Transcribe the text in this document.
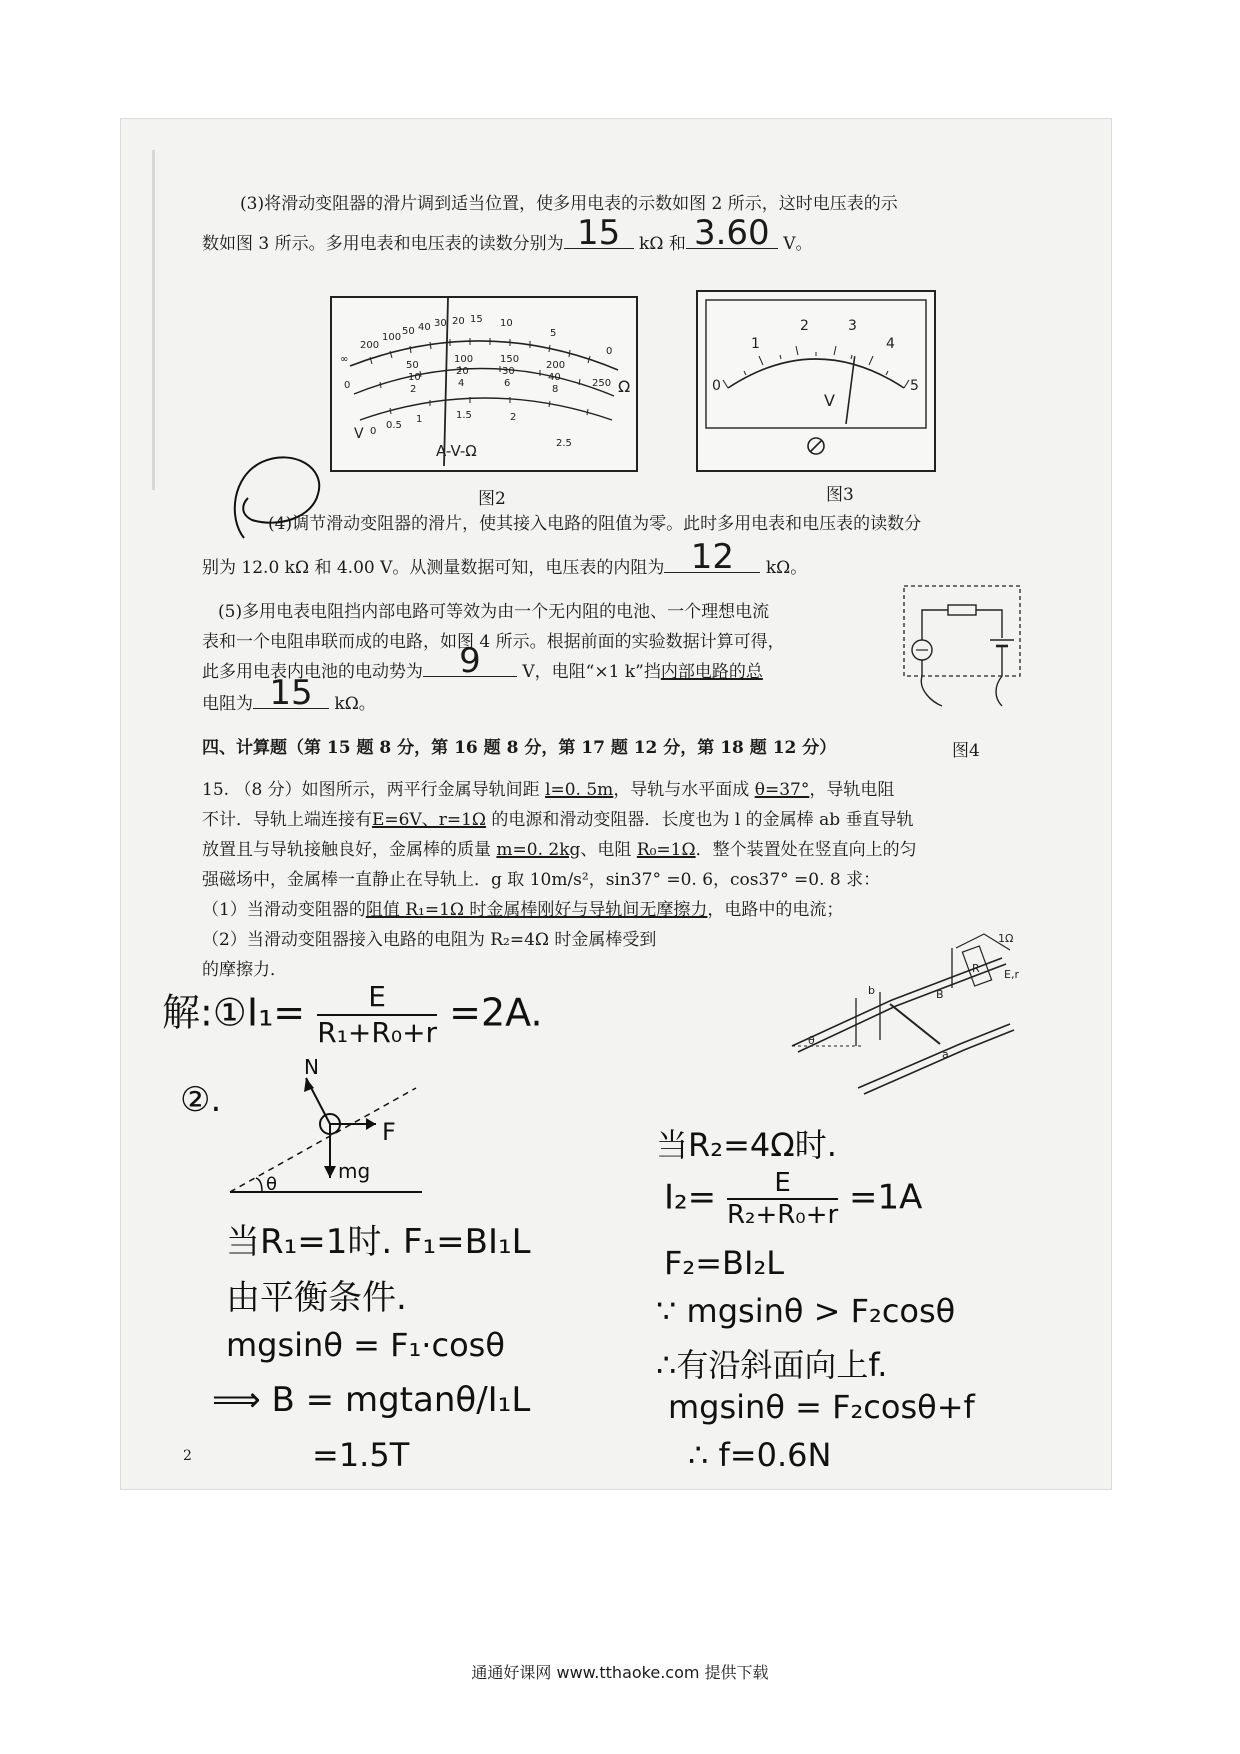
(3)将滑动变阻器的滑片调到适当位置，使多用电表的示数如图 2 所示，这时电压表的示
数如图 3 所示。多用电表和电压表的读数分别为 15	kΩ 和 3.60 V。
∞
200
100
50 40 30 20 15 10
5
0
0
50
100	150
200
250
10
20	30
40
2
4	6
8
0
0.5
1	1.5	2
2.5
V
Ω
A-V-Ω
图2
0
1
2	3
4
5
V
图3
(4)调节滑动变阻器的滑片，使其接入电路的阻值为零。此时多用电表和电压表的读数分
别为 12.0 kΩ 和 4.00 V。从测量数据可知，电压表的内阻为 12	kΩ。
(5)多用电表电阻挡内部电路可等效为由一个无内阻的电池、一个理想电流
表和一个电阻串联而成的电路，如图 4 所示。根据前面的实验数据计算可得，
此多用电表内电池的电动势为	9	V，电阻“×1 k”挡内部电路的总
电阻为 15	kΩ。
图4
四、计算题（第 15 题 8 分，第 16 题 8 分，第 17 题 12 分，第 18 题 12 分）
15. （8 分）如图所示，两平行金属导轨间距 l=0. 5m，导轨与水平面成 θ=37°，导轨电阻
不计．导轨上端连接有E=6V、r=1Ω 的电源和滑动变阻器．长度也为 l 的金属棒 ab 垂直导轨
放置且与导轨接触良好，金属棒的质量 m=0. 2kg、电阻 R₀=1Ω．整个装置处在竖直向上的匀
强磁场中，金属棒一直静止在导轨上．g 取 10m/s²，sin37° =0. 6，cos37° =0. 8 求：
（1）当滑动变阻器的阻值 R₁=1Ω 时金属棒刚好与导轨间无摩擦力，电路中的电流；
（2）当滑动变阻器接入电路的电阻为 R₂=4Ω 时金属棒受到
的摩擦力．
b
a
B
R
1Ω
E,r
θ
解:①I₁= $\frac{E}{\text{R₁+R₀+r}} =2A$.
②.
N
F
mg
θ
当R₁=1时. F₁=BI₁L
由平衡条件.
mgsinθ = F₁·cosθ
⟹ B = mgtanθ/I₁L
=1.5T
当R₂=4Ω时.
$I_2= \frac{E}{\text{R₂+R₀+r}} =1A$
F₂=BI₂L
∵ mgsinθ > F₂cosθ
∴有沿斜面向上f.
mgsinθ = F₂cosθ+f
∴ f=0.6N
2
通通好课网 www.tthaoke.com 提供下载
